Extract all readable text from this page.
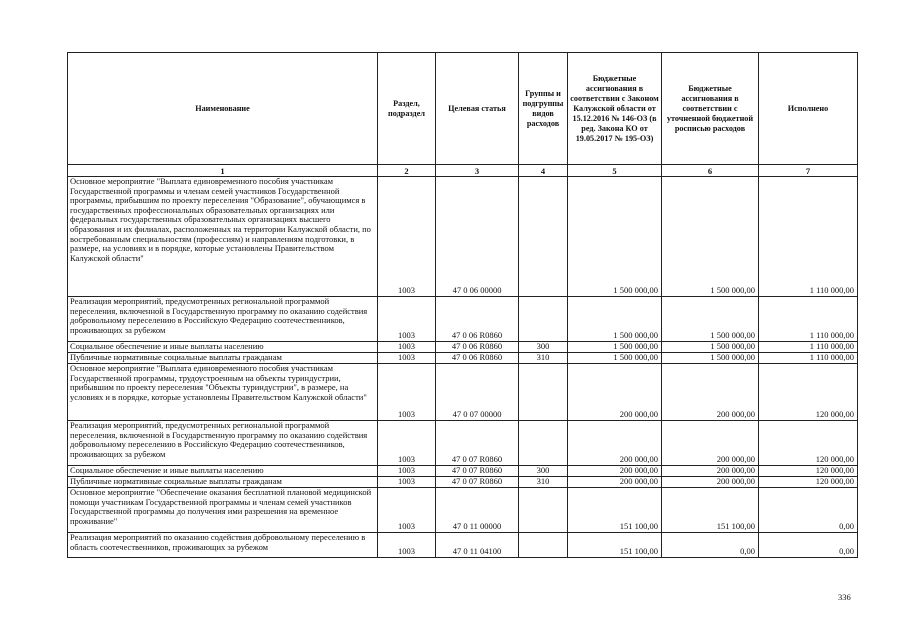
Наименование	Раздел, подраздел	Целевая статья	Группы и подгруппы видов расходов	Бюджетные ассигнования в соответствии с Законом Калужской области от 15.12.2016 № 146-ОЗ (в ред. Закона КО от 19.05.2017 № 195-ОЗ)	Бюджетные ассигнования в соответствии с уточненной бюджетной росписью расходов	Исполнено
1	2	3	4	5	6	7
Основное мероприятие "Выплата единовременного пособия участникам Государственной программы и членам семей участников Государственной программы, прибывшим по проекту переселения "Образование", обучающимся в государственных профессиональных образовательных организациях или федеральных государственных образовательных организациях высшего образования и их филиалах, расположенных на территории Калужской области, по востребованным специальностям (профессиям) и направлениям подготовки, в размере, на условиях и в порядке, которые установлены Правительством Калужской области"	1003	47 0 06 00000		1 500 000,00	1 500 000,00	1 110 000,00
Реализация мероприятий, предусмотренных региональной программой переселения, включенной в Государственную программу по оказанию содействия добровольному переселению в Российскую Федерацию соотечественников, проживающих за рубежом	1003	47 0 06 R0860		1 500 000,00	1 500 000,00	1 110 000,00
Социальное обеспечение и иные выплаты населению	1003	47 0 06 R0860	300	1 500 000,00	1 500 000,00	1 110 000,00
Публичные нормативные социальные выплаты гражданам	1003	47 0 06 R0860	310	1 500 000,00	1 500 000,00	1 110 000,00
Основное мероприятие "Выплата единовременного пособия участникам Государственной программы, трудоустроенным на объекты туриндустрии, прибывшим по проекту переселения "Объекты туриндустрии", в размере, на условиях и в порядке, которые установлены Правительством Калужской области"	1003	47 0 07 00000		200 000,00	200 000,00	120 000,00
Реализация мероприятий, предусмотренных региональной программой переселения, включенной в Государственную программу по оказанию содействия добровольному переселению в Российскую Федерацию соотечественников, проживающих за рубежом	1003	47 0 07 R0860		200 000,00	200 000,00	120 000,00
Социальное обеспечение и иные выплаты населению	1003	47 0 07 R0860	300	200 000,00	200 000,00	120 000,00
Публичные нормативные социальные выплаты гражданам	1003	47 0 07 R0860	310	200 000,00	200 000,00	120 000,00
Основное мероприятие "Обеспечение оказания бесплатной плановой медицинской помощи участникам Государственной программы и членам семей участников Государственной программы до получения ими разрешения на временное проживание"	1003	47 0 11 00000		151 100,00	151 100,00	0,00
Реализация мероприятий по оказанию содействия добровольному переселению в область соотечественников, проживающих за рубежом	1003	47 0 11 04100		151 100,00	0,00	0,00
336
